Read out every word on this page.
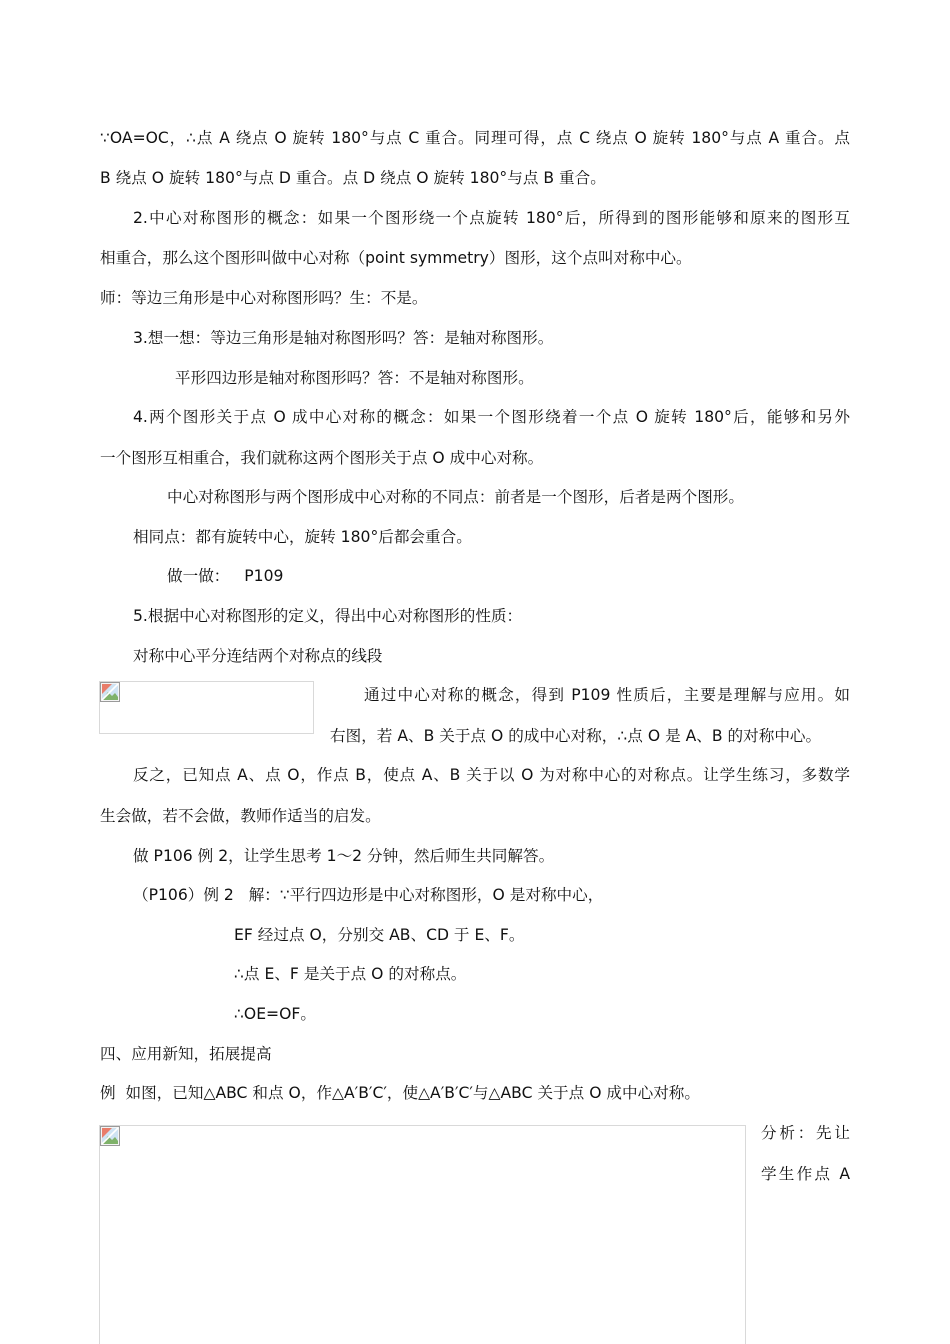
∵OA=OC，∴点 A 绕点 O 旋转 180°与点 C 重合。同理可得，点 C 绕点 O 旋转 180°与点 A 重合。点
B 绕点 O 旋转 180°与点 D 重合。点 D 绕点 O 旋转 180°与点 B 重合。
2.中心对称图形的概念：如果一个图形绕一个点旋转 180°后，所得到的图形能够和原来的图形互
相重合，那么这个图形叫做中心对称（point symmetry）图形，这个点叫对称中心。
师：等边三角形是中心对称图形吗？生：不是。
3.想一想：等边三角形是轴对称图形吗？答：是轴对称图形。
平形四边形是轴对称图形吗？答：不是轴对称图形。
4.两个图形关于点 O 成中心对称的概念：如果一个图形绕着一个点 O 旋转 180°后，能够和另外
一个图形互相重合，我们就称这两个图形关于点 O 成中心对称。
中心对称图形与两个图形成中心对称的不同点：前者是一个图形，后者是两个图形。
相同点：都有旋转中心，旋转 180°后都会重合。
做一做：   P109
5.根据中心对称图形的定义，得出中心对称图形的性质：
对称中心平分连结两个对称点的线段
通过中心对称的概念，得到 P109 性质后，主要是理解与应用。如
右图，若 A、B 关于点 O 的成中心对称，∴点 O 是 A、B 的对称中心。
反之，已知点 A、点 O，作点 B，使点 A、B 关于以 O 为对称中心的对称点。让学生练习，多数学
生会做，若不会做，教师作适当的启发。
做 P106 例 2，让学生思考 1～2 分钟，然后师生共同解答。
（P106）例 2   解：∵平行四边形是中心对称图形，O 是对称中心，
EF 经过点 O，分别交 AB、CD 于 E、F。
∴点 E、F 是关于点 O 的对称点。
∴OE=OF。
四、应用新知，拓展提高
例  如图，已知△ABC 和点 O，作△A′B′C′，使△A′B′C′与△ABC 关于点 O 成中心对称。
分析：先让
学生作点 A
